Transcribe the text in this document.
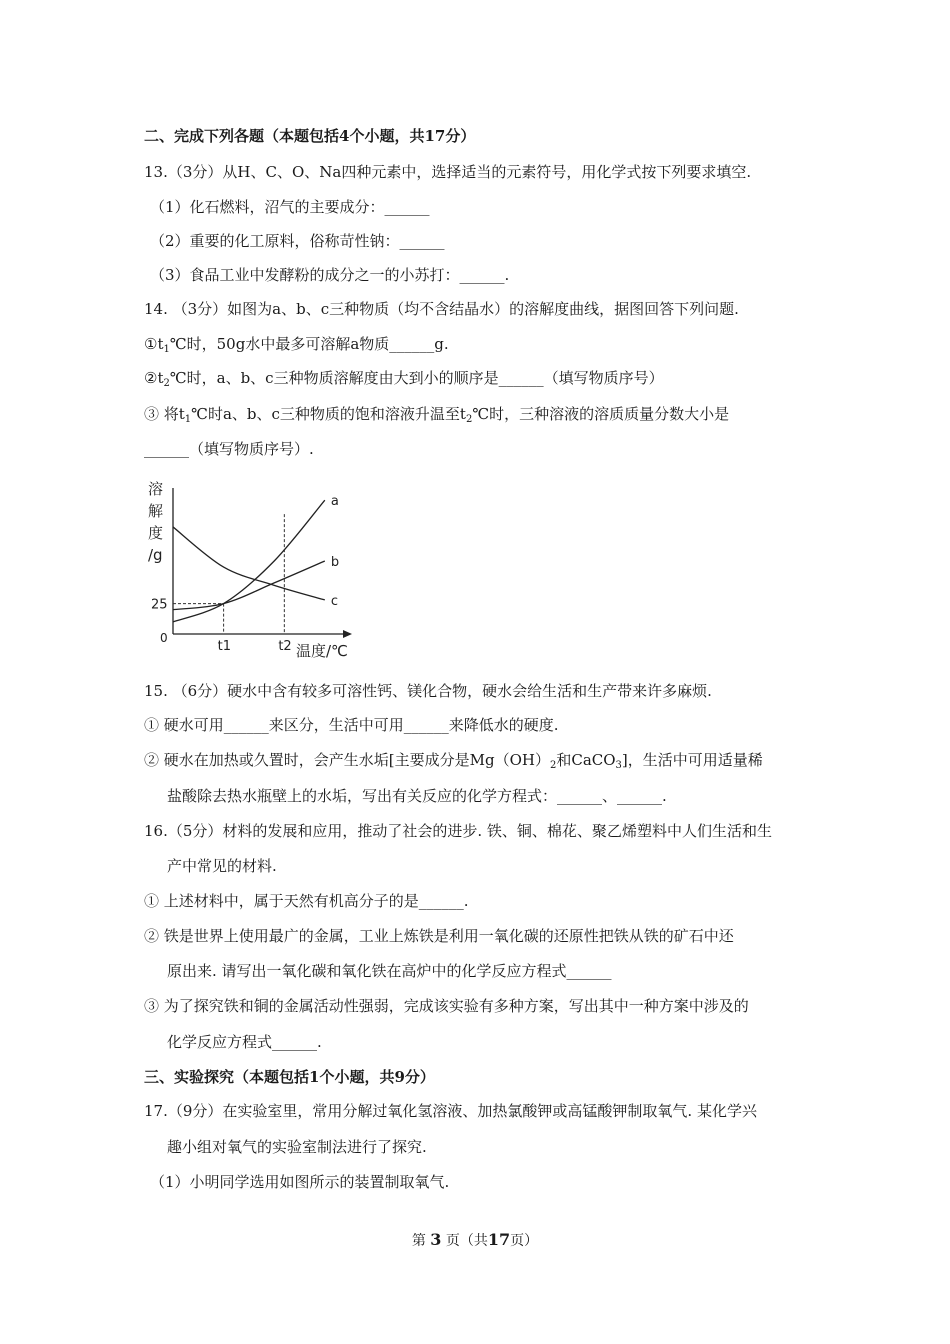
二、完成下列各题（本题包括4个小题，共17分）
13.（3分）从H、C、O、Na四种元素中，选择适当的元素符号，用化学式按下列要求填空.
（1）化石燃料，沼气的主要成分：______
（2）重要的化工原料，俗称苛性钠：______
（3）食品工业中发酵粉的成分之一的小苏打：______.
14. （3分）如图为a、b、c三种物质（均不含结晶水）的溶解度曲线，据图回答下列问题.
$①t_1℃$时，50g水中最多可溶解a物质______g.
$②t_2℃$时，a、b、c三种物质溶解度由大到小的顺序是______（填写物质序号）
③ 将$t_1℃$时a、b、c三种物质的饱和溶液升温至$t_2℃$时，三种溶液的溶质质量分数大小是
______（填写物质序号）.
溶
解
度
/g
a
b
c
25
t1	t2 温度/℃
0
15. （6分）硬水中含有较多可溶性钙、镁化合物，硬水会给生活和生产带来许多麻烦.
① 硬水可用______来区分，生活中可用______来降低水的硬度.
② 硬水在加热或久置时，会产生水垢[主要成分是$Mg(OH)_2$和CaCO$_3$]，生活中可用适量稀
盐酸除去热水瓶壁上的水垢，写出有关反应的化学方程式：______、______.
16.（5分）材料的发展和应用，推动了社会的进步. 铁、铜、棉花、聚乙烯塑料中人们生活和生
产中常见的材料.
① 上述材料中，属于天然有机高分子的是______.
② 铁是世界上使用最广的金属，工业上炼铁是利用一氧化碳的还原性把铁从铁的矿石中还
原出来. 请写出一氧化碳和氧化铁在高炉中的化学反应方程式______
③ 为了探究铁和铜的金属活动性强弱，完成该实验有多种方案，写出其中一种方案中涉及的
化学反应方程式______.
三、实验探究（本题包括1个小题，共9分）
17.（9分）在实验室里，常用分解过氧化氢溶液、加热氯酸钾或高锰酸钾制取氧气. 某化学兴
趣小组对氧气的实验室制法进行了探究.
（1）小明同学选用如图所示的装置制取氧气.
第 3 页（共17页）
